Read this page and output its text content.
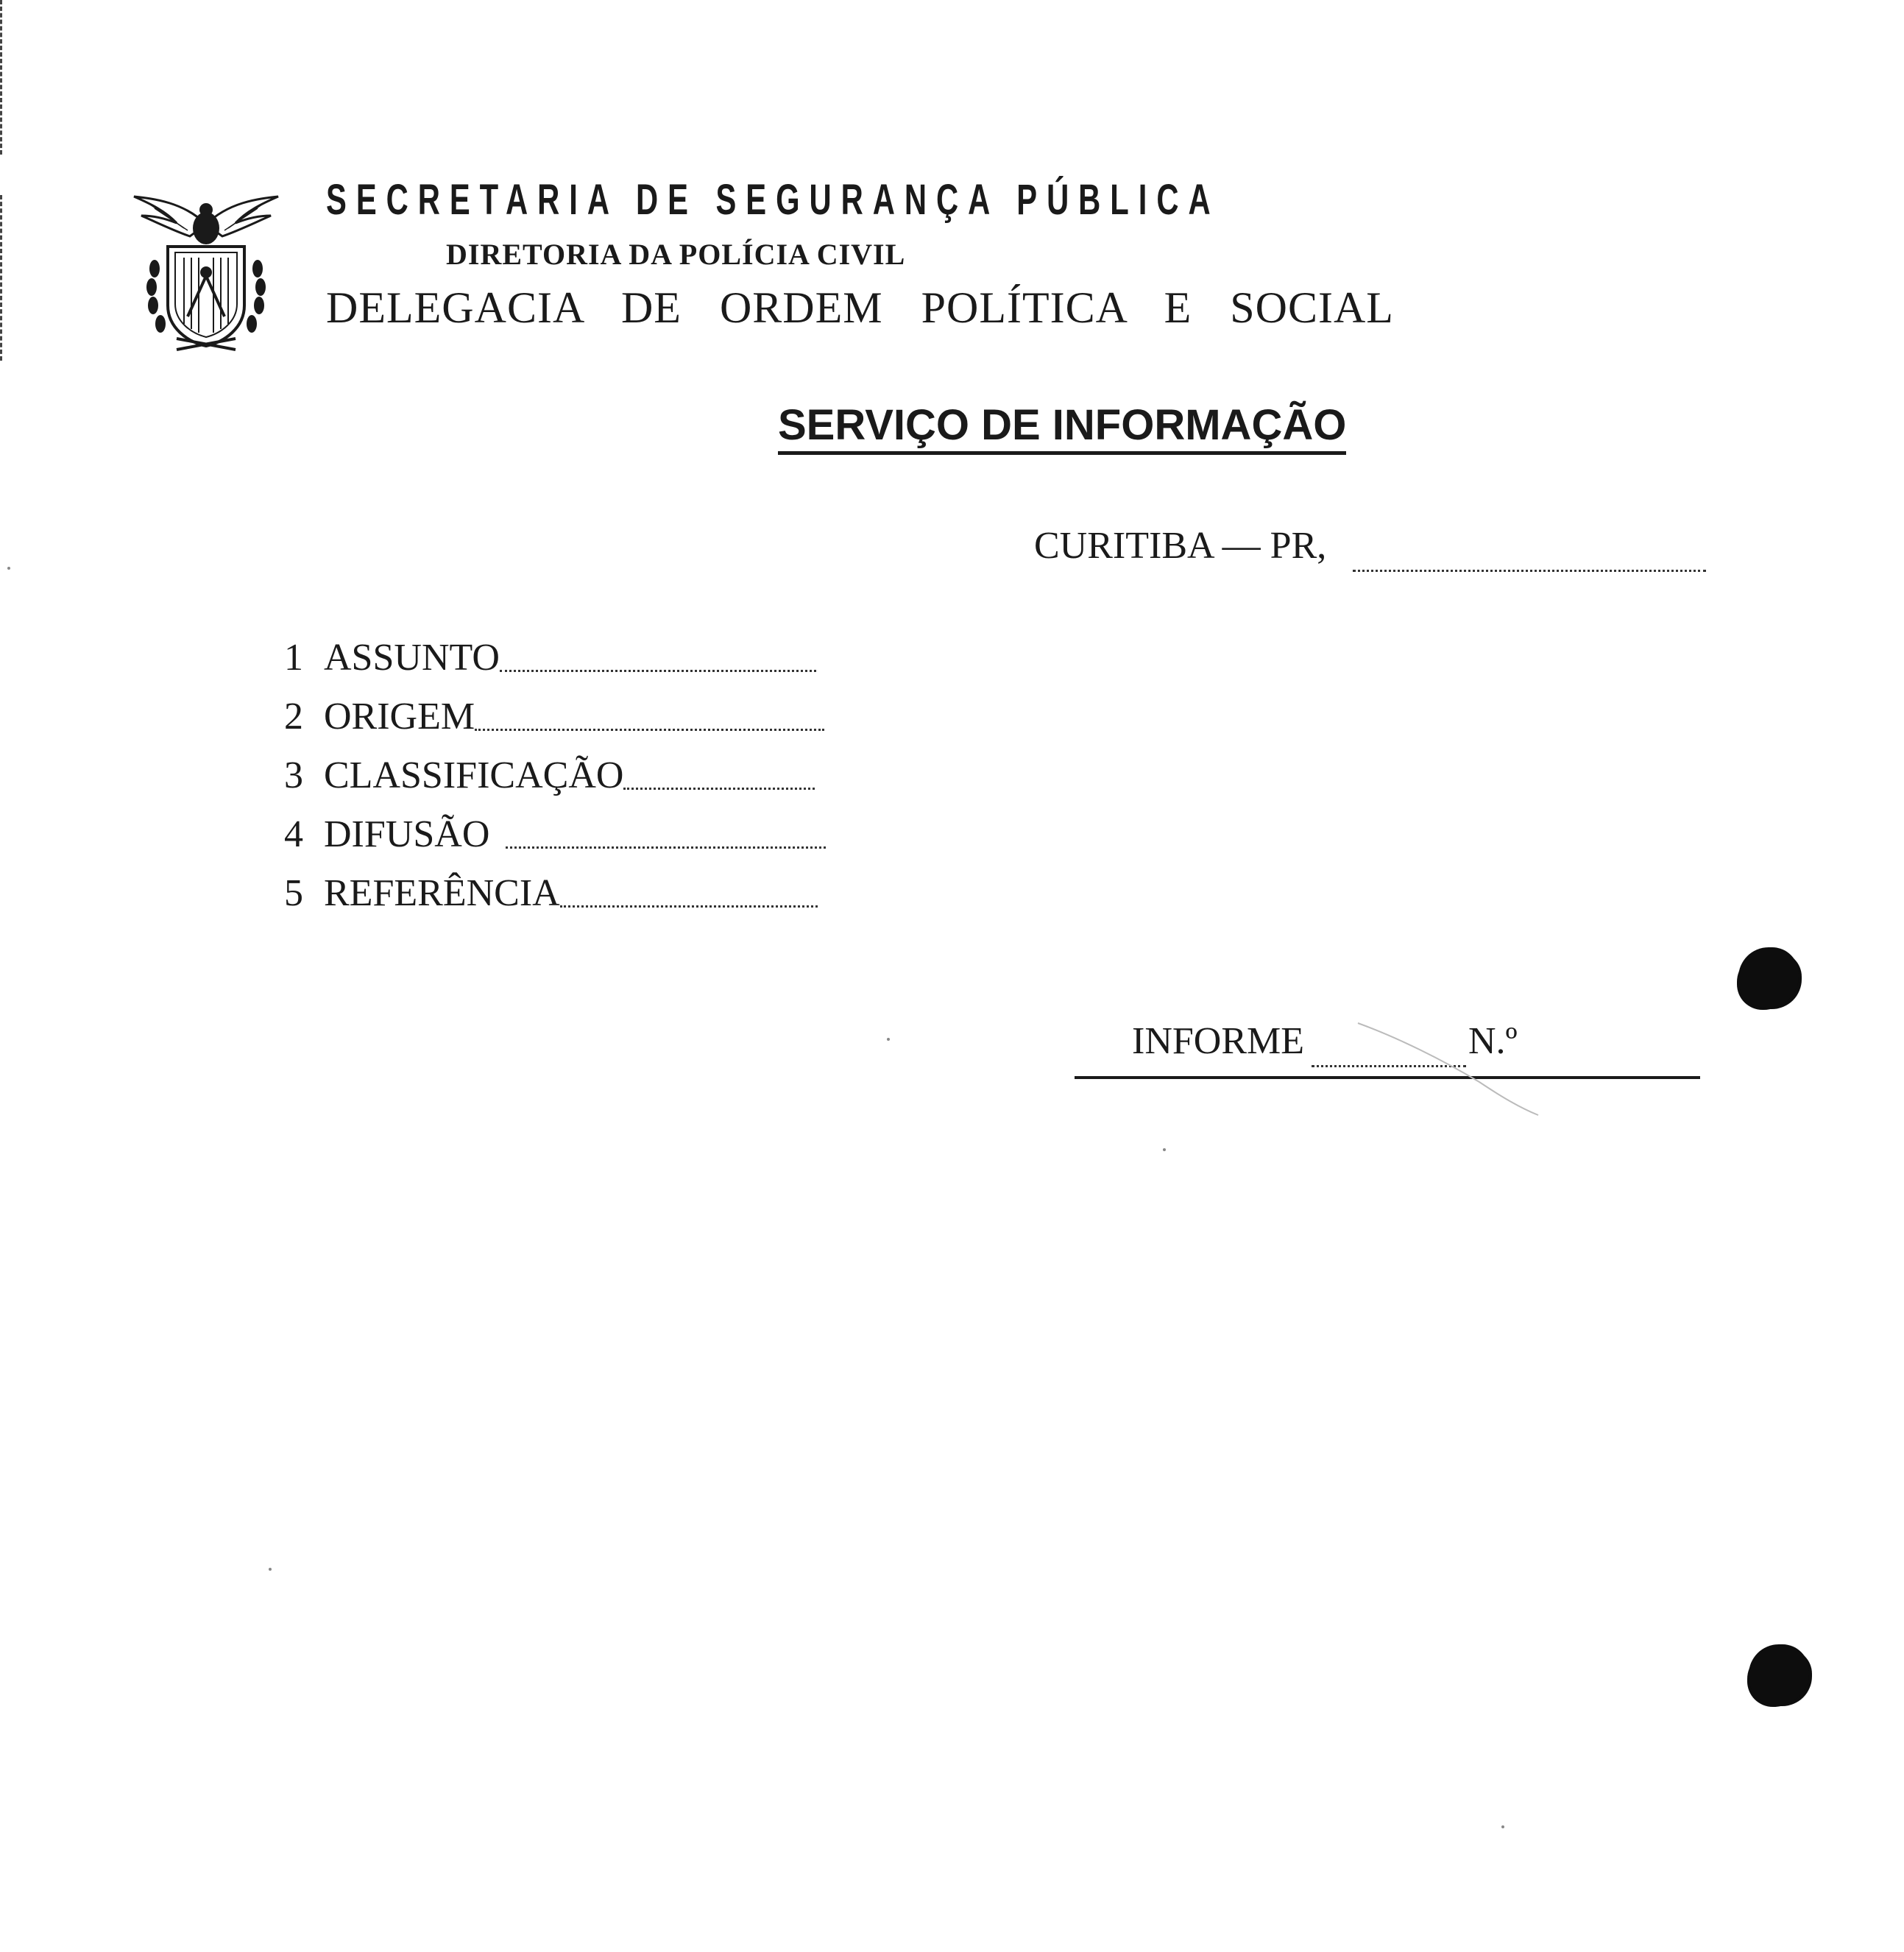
SECRETARIA DE SEGURANÇA PÚBLICA
DIRETORIA DA POLÍCIA CIVIL
DELEGACIA DE ORDEM POLÍTICA E SOCIAL
SERVIÇO DE INFORMAÇÃO
CURITIBA — PR,
1 ASSUNTO
2 ORIGEM
3 CLASSIFICAÇÃO
4 DIFUSÃO
5 REFERÊNCIA
INFORME	N.º
